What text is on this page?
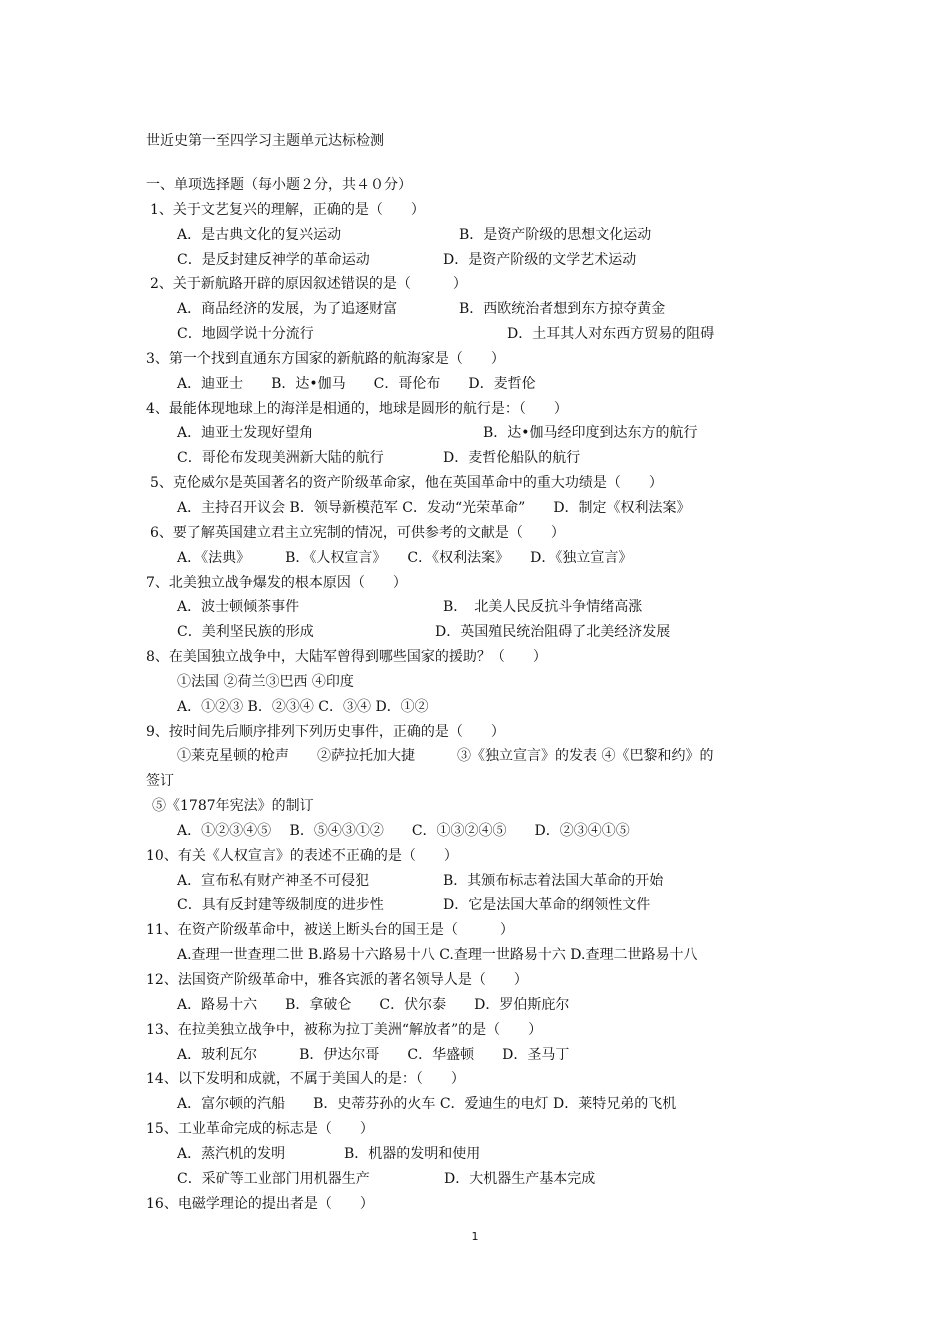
世近史第一至四学习主题单元达标检测
一、单项选择题（每小题２分，共４０分）
1、关于文艺复兴的理解，正确的是（　　）
A．是古典文化的复兴运动	B．是资产阶级的思想文化运动
C．是反封建反神学的革命运动	D．是资产阶级的文学艺术运动
2、关于新航路开辟的原因叙述错误的是（　　　）
A．商品经济的发展，为了追逐财富	B．西欧统治者想到东方掠夺黄金
C．地圆学说十分流行	D．土耳其人对东西方贸易的阻碍
3、第一个找到直通东方国家的新航路的航海家是（　　）
A．迪亚士　　B．达•伽马　　C．哥伦布　　D．麦哲伦
4、最能体现地球上的海洋是相通的，地球是圆形的航行是：（　　）
A．迪亚士发现好望角	B．达•伽马经印度到达东方的航行
C．哥伦布发现美洲新大陆的航行	D．麦哲伦船队的航行
5、克伦威尔是英国著名的资产阶级革命家，他在英国革命中的重大功绩是（　　）
A．主持召开议会 B．领导新模范军 C．发动“光荣革命”　　D．制定《权利法案》
6、要了解英国建立君主立宪制的情况，可供参考的文献是（　　）
A．《法典》　　　B．《人权宣言》　　C．《权利法案》　　D．《独立宣言》
7、北美独立战争爆发的根本原因（　　）
A．波士顿倾茶事件	B．　北美人民反抗斗争情绪高涨
C．美利坚民族的形成	D．英国殖民统治阻碍了北美经济发展
8、在美国独立战争中，大陆军曾得到哪些国家的援助？（　　）
①法国 ②荷兰③巴西 ④印度
A．①②③ B．②③④ C．③④ D．①②
9、按时间先后顺序排列下列历史事件，正确的是（　　）
①莱克星顿的枪声　　②萨拉托加大捷　　　③《独立宣言》的发表 ④《巴黎和约》的
签订
⑤《1787年宪法》的制订
A．①②③④⑤　 B．⑤④③①②　　C．①③②④⑤　　D．②③④①⑤
10、有关《人权宣言》的表述不正确的是（　　）
A．宣布私有财产神圣不可侵犯	B．其颁布标志着法国大革命的开始
C．具有反封建等级制度的进步性	D．它是法国大革命的纲领性文件
11、在资产阶级革命中，被送上断头台的国王是（　　　）
A.查理一世查理二世 B.路易十六路易十八 C.查理一世路易十六 D.查理二世路易十八
12、法国资产阶级革命中，雅各宾派的著名领导人是（　　）
A．路易十六　　B．拿破仑　　C．伏尔泰　　D．罗伯斯庇尔
13、在拉美独立战争中，被称为拉丁美洲“解放者”的是（　　）
A．玻利瓦尔　　　B．伊达尔哥　　C．华盛顿　　D．圣马丁
14、以下发明和成就，不属于美国人的是：（　　）
A．富尔顿的汽船　　B．史蒂芬孙的火车 C．爱迪生的电灯 D．莱特兄弟的飞机
15、工业革命完成的标志是（　　）
A．蒸汽机的发明	B．机器的发明和使用
C．采矿等工业部门用机器生产	D．大机器生产基本完成
16、电磁学理论的提出者是（　　）
1
